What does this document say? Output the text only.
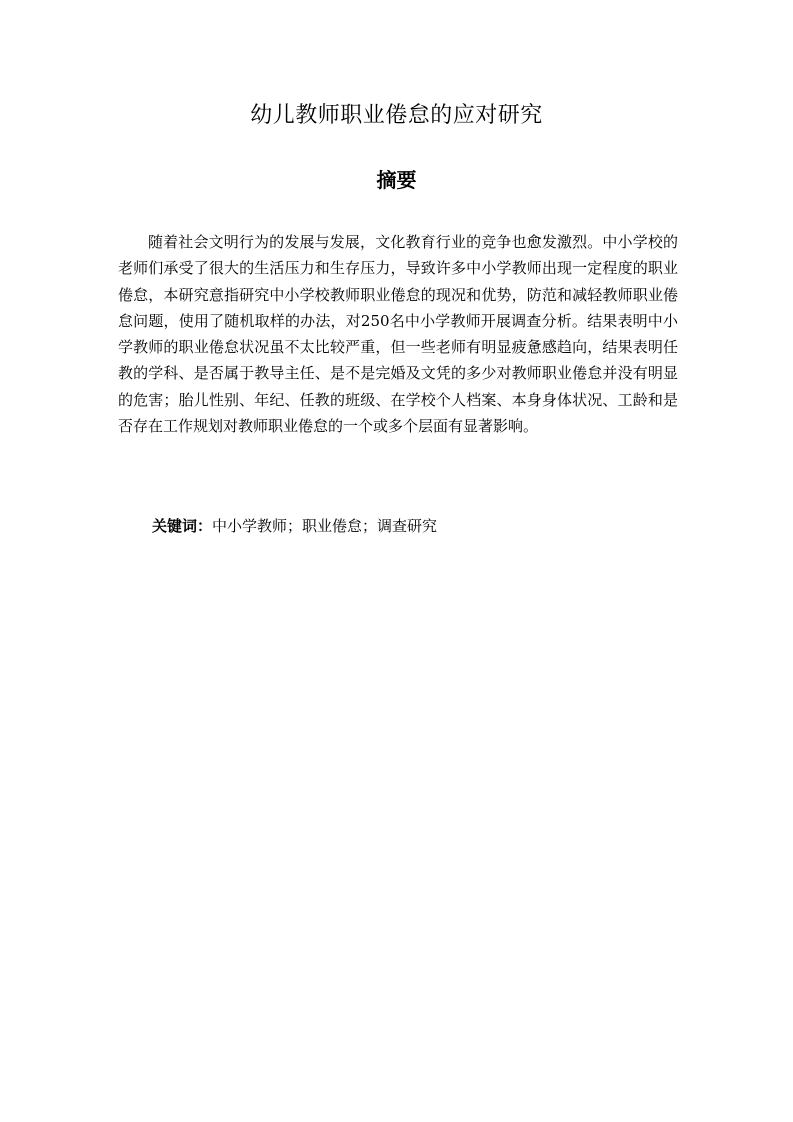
幼儿教师职业倦怠的应对研究
摘要

随着社会文明行为的发展与发展，文化教育行业的竞争也愈发激烈。中小学校的老师们承受了很大的生活压力和生存压力，导致许多中小学教师出现一定程度的职业倦怠，本研究意指研究中小学校教师职业倦怠的现况和优势，防范和减轻教师职业倦怠问题，使用了随机取样的办法，对250名中小学教师开展调查分析。结果表明中小学教师的职业倦怠状况虽不太比较严重，但一些老师有明显疲惫感趋向，结果表明任教的学科、是否属于教导主任、是不是完婚及文凭的多少对教师职业倦怠并没有明显的危害；胎儿性别、年纪、任教的班级、在学校个人档案、本身身体状况、工龄和是否存在工作规划对教师职业倦怠的一个或多个层面有显著影响。

关键词：中小学教师；职业倦怠；调查研究
